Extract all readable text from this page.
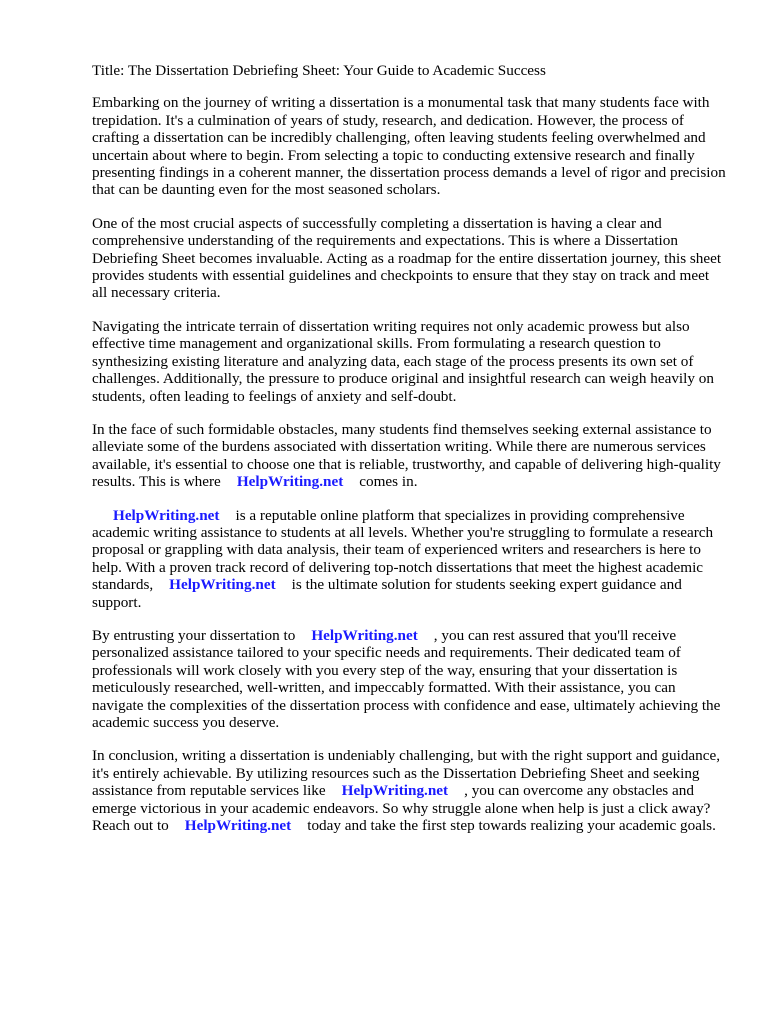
Title: The Dissertation Debriefing Sheet: Your Guide to Academic Success

Embarking on the journey of writing a dissertation is a monumental task that many students face with trepidation. It's a culmination of years of study, research, and dedication. However, the process of crafting a dissertation can be incredibly challenging, often leaving students feeling overwhelmed and uncertain about where to begin. From selecting a topic to conducting extensive research and finally presenting findings in a coherent manner, the dissertation process demands a level of rigor and precision that can be daunting even for the most seasoned scholars.

One of the most crucial aspects of successfully completing a dissertation is having a clear and comprehensive understanding of the requirements and expectations. This is where a Dissertation Debriefing Sheet becomes invaluable. Acting as a roadmap for the entire dissertation journey, this sheet provides students with essential guidelines and checkpoints to ensure that they stay on track and meet all necessary criteria.

Navigating the intricate terrain of dissertation writing requires not only academic prowess but also effective time management and organizational skills. From formulating a research question to synthesizing existing literature and analyzing data, each stage of the process presents its own set of challenges. Additionally, the pressure to produce original and insightful research can weigh heavily on students, often leading to feelings of anxiety and self-doubt.

In the face of such formidable obstacles, many students find themselves seeking external assistance to alleviate some of the burdens associated with dissertation writing. While there are numerous services available, it's essential to choose one that is reliable, trustworthy, and capable of delivering high-quality results. This is where HelpWriting.net comes in.

HelpWriting.net is a reputable online platform that specializes in providing comprehensive academic writing assistance to students at all levels. Whether you're struggling to formulate a research proposal or grappling with data analysis, their team of experienced writers and researchers is here to help. With a proven track record of delivering top-notch dissertations that meet the highest academic standards, HelpWriting.net is the ultimate solution for students seeking expert guidance and support.

By entrusting your dissertation to HelpWriting.net , you can rest assured that you'll receive personalized assistance tailored to your specific needs and requirements. Their dedicated team of professionals will work closely with you every step of the way, ensuring that your dissertation is meticulously researched, well-written, and impeccably formatted. With their assistance, you can navigate the complexities of the dissertation process with confidence and ease, ultimately achieving the academic success you deserve.

In conclusion, writing a dissertation is undeniably challenging, but with the right support and guidance, it's entirely achievable. By utilizing resources such as the Dissertation Debriefing Sheet and seeking assistance from reputable services like HelpWriting.net , you can overcome any obstacles and emerge victorious in your academic endeavors. So why struggle alone when help is just a click away? Reach out to HelpWriting.net today and take the first step towards realizing your academic goals.
